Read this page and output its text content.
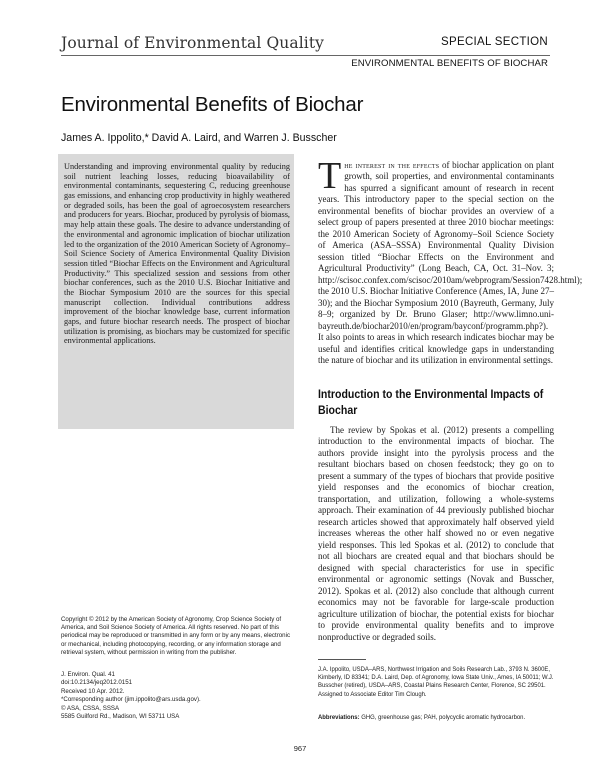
Journal of Environmental Quality	SPECIAL SECTION
ENVIRONMENTAL BENEFITS OF BIOCHAR
Environmental Benefits of Biochar
James A. Ippolito,* David A. Laird, and Warren J. Busscher
Understanding and improving environmental quality by reducing soil nutrient leaching losses, reducing bioavailability of environmental contaminants, sequestering C, reducing greenhouse gas emissions, and enhancing crop productivity in highly weathered or degraded soils, has been the goal of agroecosystem researchers and producers for years. Biochar, produced by pyrolysis of biomass, may help attain these goals. The desire to advance understanding of the environmental and agronomic implication of biochar utilization led to the organization of the 2010 American Society of Agronomy–Soil Science Society of America Environmental Quality Division session titled “Biochar Effects on the Environment and Agricultural Productivity.” This specialized session and sessions from other biochar conferences, such as the 2010 U.S. Biochar Initiative and the Biochar Symposium 2010 are the sources for this special manuscript collection. Individual contributions address improvement of the biochar knowledge base, current information gaps, and future biochar research needs. The prospect of biochar utilization is promising, as biochars may be customized for specific environmental applications.
The interest in the effects of biochar application on plant growth, soil properties, and environmental contaminants has spurred a significant amount of research in recent years. This introductory paper to the special section on the environmental benefits of biochar provides an overview of a select group of papers presented at three 2010 biochar meetings: the 2010 American Society of Agronomy–Soil Science Society of America (ASA–SSSA) Environmental Quality Division session titled “Biochar Effects on the Environment and Agricultural Productivity” (Long Beach, CA, Oct. 31–Nov. 3; http://scisoc.confex.com/scisoc/2010am/webprogram/Session7428.html); the 2010 U.S. Biochar Initiative Conference (Ames, IA, June 27–30); and the Biochar Symposium 2010 (Bayreuth, Germany, July 8–9; organized by Dr. Bruno Glaser; http://www.limno.uni-bayreuth.de/biochar2010/en/program/bayconf/programm.php?). It also points to areas in which research indicates biochar may be useful and identifies critical knowledge gaps in understanding the nature of biochar and its utilization in environmental settings.
Introduction to the Environmental Impacts of Biochar
The review by Spokas et al. (2012) presents a compelling introduction to the environmental impacts of biochar. The authors provide insight into the pyrolysis process and the resultant biochars based on chosen feedstock; they go on to present a summary of the types of biochars that provide positive yield responses and the economics of biochar creation, transportation, and utilization, following a whole-systems approach. Their examination of 44 previously published biochar research articles showed that approximately half observed yield increases whereas the other half showed no or even negative yield responses. This led Spokas et al. (2012) to conclude that not all biochars are created equal and that biochars should be designed with special characteristics for use in specific environmental or agronomic settings (Novak and Busscher, 2012). Spokas et al. (2012) also conclude that although current economics may not be favorable for large-scale production agriculture utilization of biochar, the potential exists for biochar to provide environmental quality benefits and to improve nonproductive or degraded soils.
Copyright © 2012 by the American Society of Agronomy, Crop Science Society of America, and Soil Science Society of America. All rights reserved. No part of this periodical may be reproduced or transmitted in any form or by any means, electronic or mechanical, including photocopying, recording, or any information storage and retrieval system, without permission in writing from the publisher.
J. Environ. Qual. 41
doi:10.2134/jeq2012.0151
Received 10 Apr. 2012.
*Corresponding author (jim.ippolito@ars.usda.gov).
© ASA, CSSA, SSSA
5585 Guilford Rd., Madison, WI 53711 USA
J.A. Ippolito, USDA–ARS, Northwest Irrigation and Soils Research Lab., 3793 N. 3600E, Kimberly, ID 83341; D.A. Laird, Dep. of Agronomy, Iowa State Univ., Ames, IA 50011; W.J. Busscher (retired), USDA–ARS, Coastal Plains Research Center, Florence, SC 29501. Assigned to Associate Editor Tim Clough.
Abbreviations: GHG, greenhouse gas; PAH, polycyclic aromatic hydrocarbon.
967
